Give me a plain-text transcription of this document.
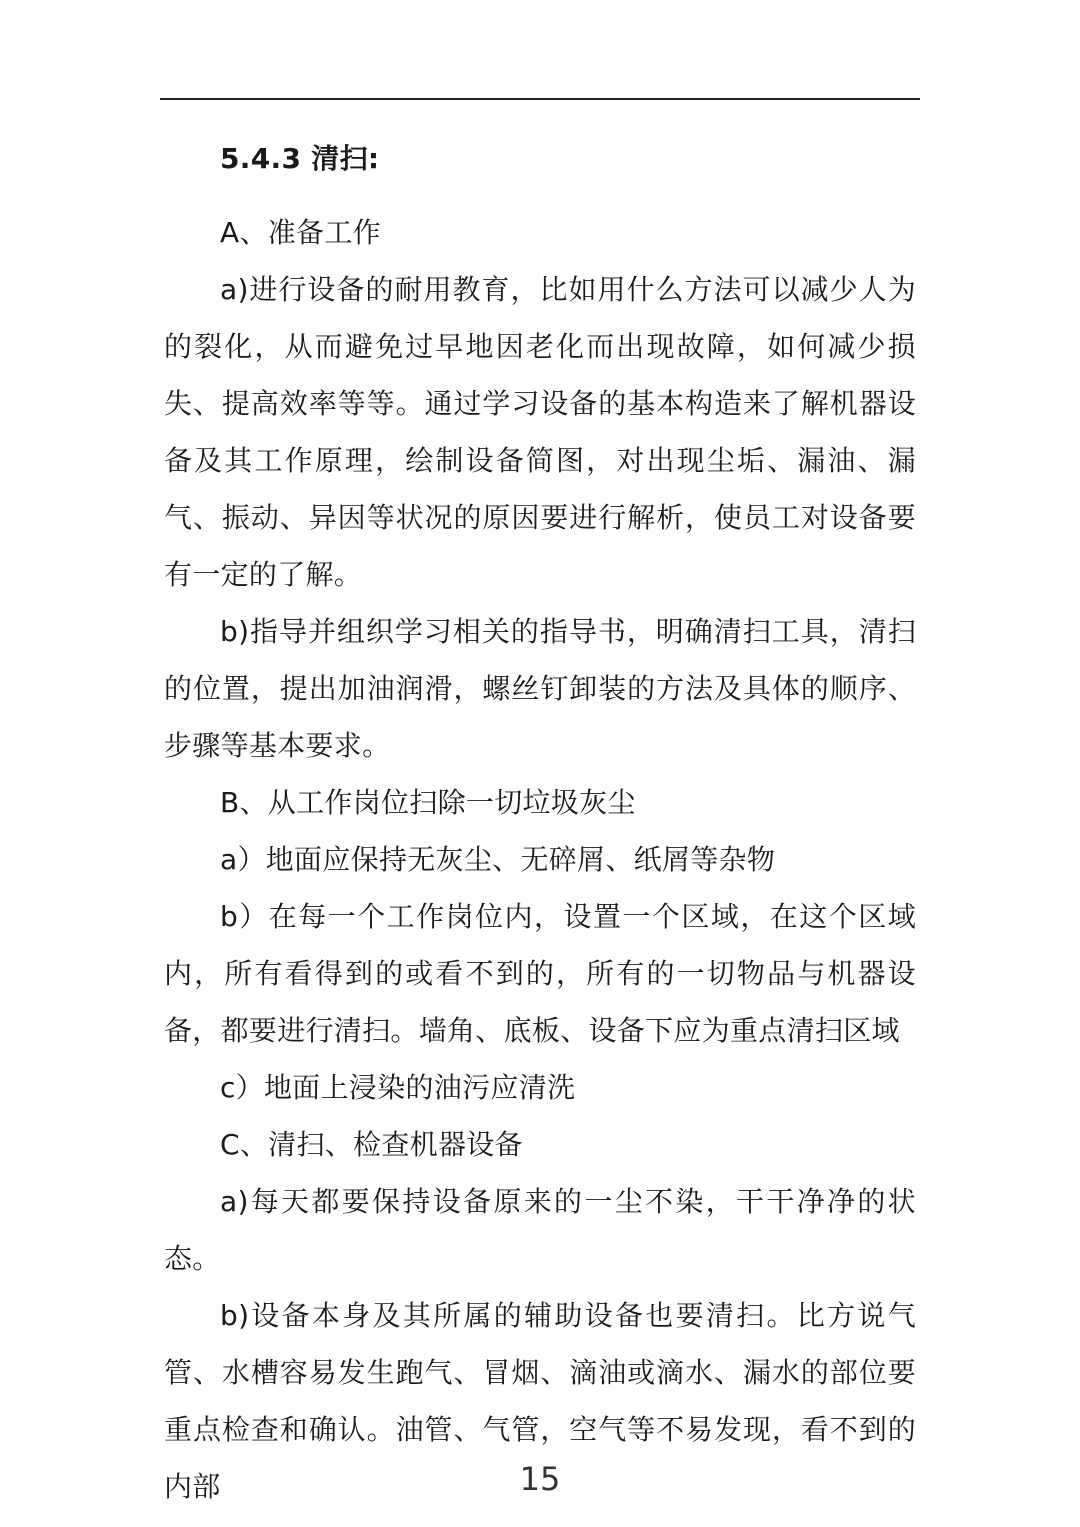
5.4.3 清扫:

A、准备工作

a)进行设备的耐用教育，比如用什么方法可以减少人为的裂化，从而避免过早地因老化而出现故障，如何减少损失、提高效率等等。通过学习设备的基本构造来了解机器设备及其工作原理，绘制设备简图，对出现尘垢、漏油、漏气、振动、异因等状况的原因要进行解析，使员工对设备要有一定的了解。

b)指导并组织学习相关的指导书，明确清扫工具，清扫的位置，提出加油润滑，螺丝钉卸装的方法及具体的顺序、步骤等基本要求。

B、从工作岗位扫除一切垃圾灰尘

a）地面应保持无灰尘、无碎屑、纸屑等杂物

b）在每一个工作岗位内，设置一个区域，在这个区域内，所有看得到的或看不到的，所有的一切物品与机器设备，都要进行清扫。墙角、底板、设备下应为重点清扫区域

c）地面上浸染的油污应清洗

C、清扫、检查机器设备

a)每天都要保持设备原来的一尘不染，干干净净的状态。

b)设备本身及其所属的辅助设备也要清扫。比方说气管、水槽容易发生跑气、冒烟、滴油或滴水、漏水的部位要重点检查和确认。油管、气管，空气等不易发现，看不到的内部	15
